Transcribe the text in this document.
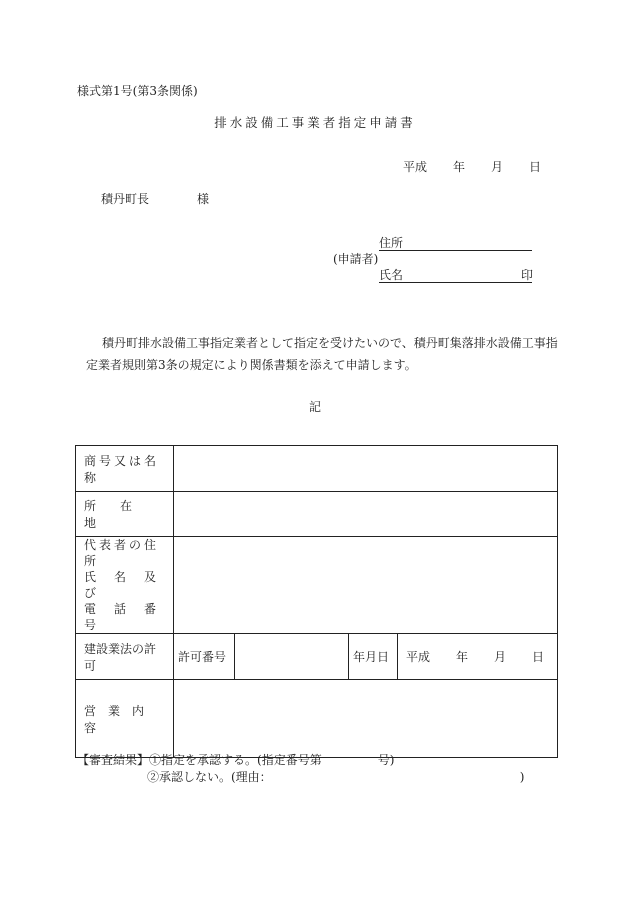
様式第1号(第3条関係)
排水設備工事業者指定申請書
平成 年 月 日
積丹町長	様
住所
(申請者)
氏名	印
積丹町排水設備工事指定業者として指定を受けたいので、積丹町集落排水設備工事指定業者規則第3条の規定により関係書類を添えて申請します。
記
商号又は名称				
所　　在　　地				

代表者の住所
氏　名　及　び
電　話　番　号				

建設業法の許可	許可番号		年月日	平成 年 月 日
営　業　内　容				
【審査結果】①指定を承認する。(指定番号第	号)
②承認しない。(理由：	)
